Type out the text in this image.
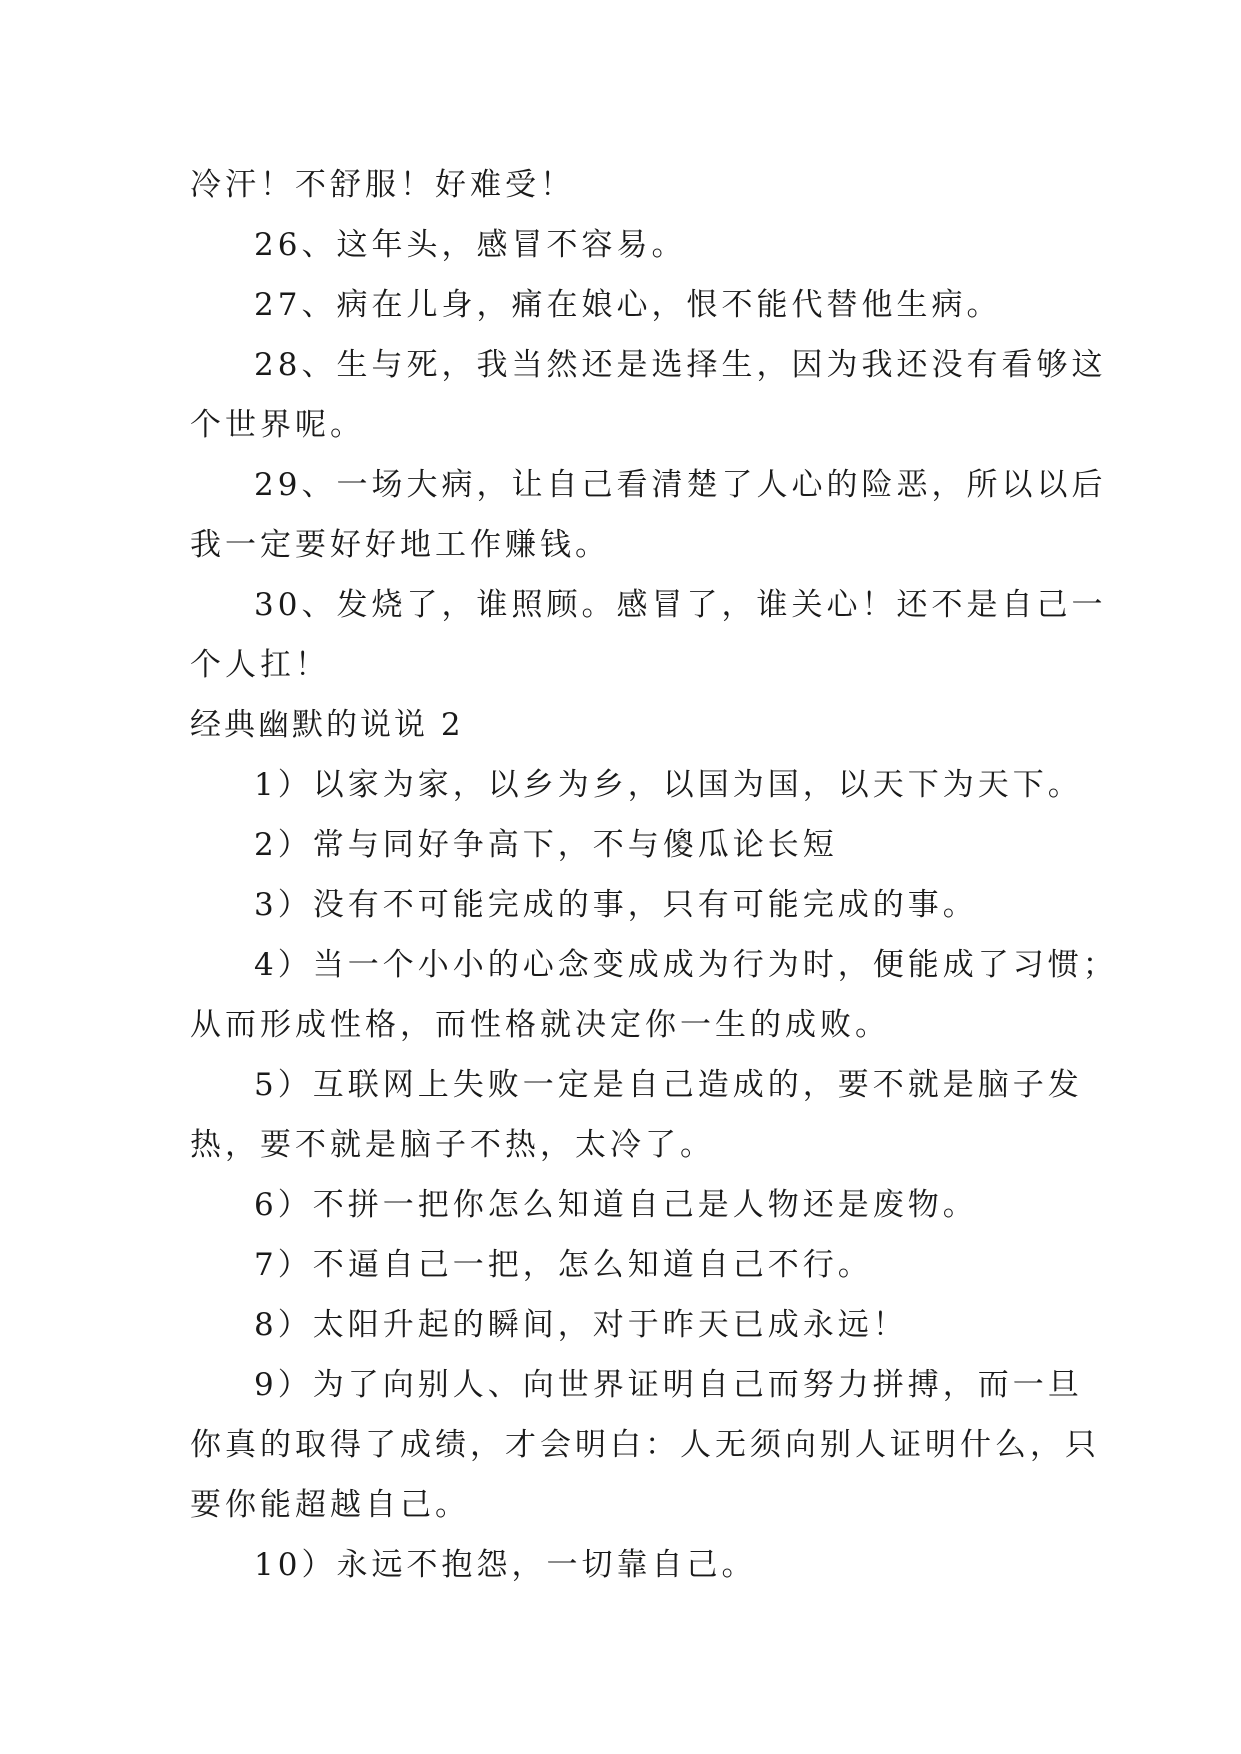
冷汗！不舒服！好难受！
26、这年头，感冒不容易。
27、病在儿身，痛在娘心，恨不能代替他生病。
28、生与死，我当然还是选择生，因为我还没有看够这
个世界呢。
29、一场大病，让自己看清楚了人心的险恶，所以以后
我一定要好好地工作赚钱。
30、发烧了，谁照顾。感冒了，谁关心！还不是自己一
个人扛！
经典幽默的说说 2
1）以家为家，以乡为乡，以国为国，以天下为天下。
2）常与同好争高下，不与傻瓜论长短
3）没有不可能完成的事，只有可能完成的事。
4）当一个小小的心念变成成为行为时，便能成了习惯；
从而形成性格，而性格就决定你一生的成败。
5）互联网上失败一定是自己造成的，要不就是脑子发
热，要不就是脑子不热，太冷了。
6）不拼一把你怎么知道自己是人物还是废物。
7）不逼自己一把，怎么知道自己不行。
8）太阳升起的瞬间，对于昨天已成永远！
9）为了向别人、向世界证明自己而努力拼搏，而一旦
你真的取得了成绩，才会明白：人无须向别人证明什么，只
要你能超越自己。
10）永远不抱怨，一切靠自己。
